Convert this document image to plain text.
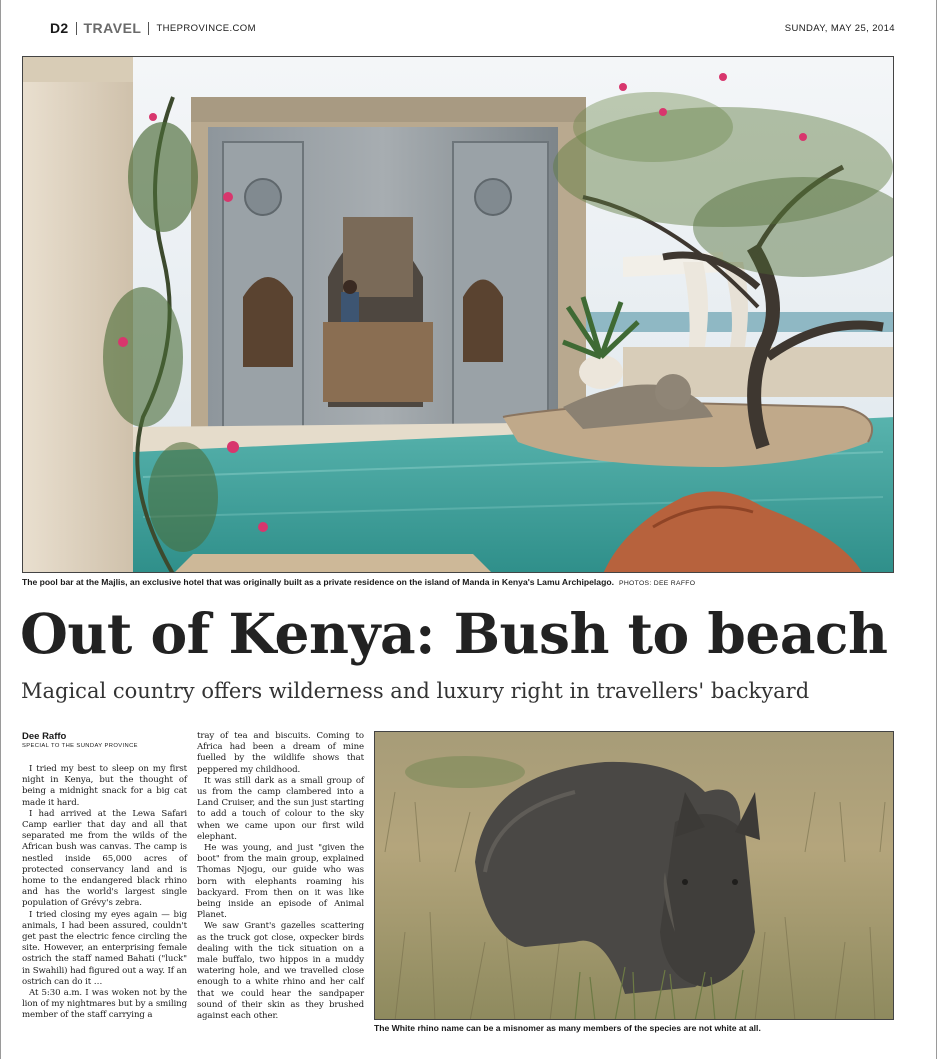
D2 TRAVEL THEPROVINCE.COM	SUNDAY, MAY 25, 2014
The pool bar at the Majlis, an exclusive hotel that was originally built as a private residence on the island of Manda in Kenya's Lamu Archipelago. PHOTOS: DEE RAFFO
Out of Kenya: Bush to beach
Magical country offers wilderness and luxury right in travellers' backyard
Dee Raffo
SPECIAL TO THE SUNDAY PROVINCE

I tried my best to sleep on my first night in Kenya, but the thought of being a midnight snack for a big cat made it hard.

I had arrived at the Lewa Safari Camp earlier that day and all that separated me from the wilds of the African bush was canvas. The camp is nestled inside 65,000 acres of protected conservancy land and is home to the endangered black rhino and has the world's largest single population of Grévy's zebra.

I tried closing my eyes again — big animals, I had been assured, couldn't get past the electric fence circling the site. However, an enterprising female ostrich the staff named Bahati ("luck" in Swahili) had figured out a way. If an ostrich can do it …

At 5:30 a.m. I was woken not by the lion of my nightmares but by a smiling member of the staff carrying a

tray of tea and biscuits. Coming to Africa had been a dream of mine fuelled by the wildlife shows that peppered my childhood.

It was still dark as a small group of us from the camp clambered into a Land Cruiser, and the sun just starting to add a touch of colour to the sky when we came upon our first wild elephant.

He was young, and just "given the boot" from the main group, explained Thomas Njogu, our guide who was born with elephants roaming his backyard. From then on it was like being inside an episode of Animal Planet.

We saw Grant's gazelles scattering as the truck got close, oxpecker birds dealing with the tick situation on a male buffalo, two hippos in a muddy watering hole, and we travelled close enough to a white rhino and her calf that we could hear the sandpaper sound of their skin as they brushed against each other.

The White rhino name can be a misnomer as many members of the species are not white at all.
